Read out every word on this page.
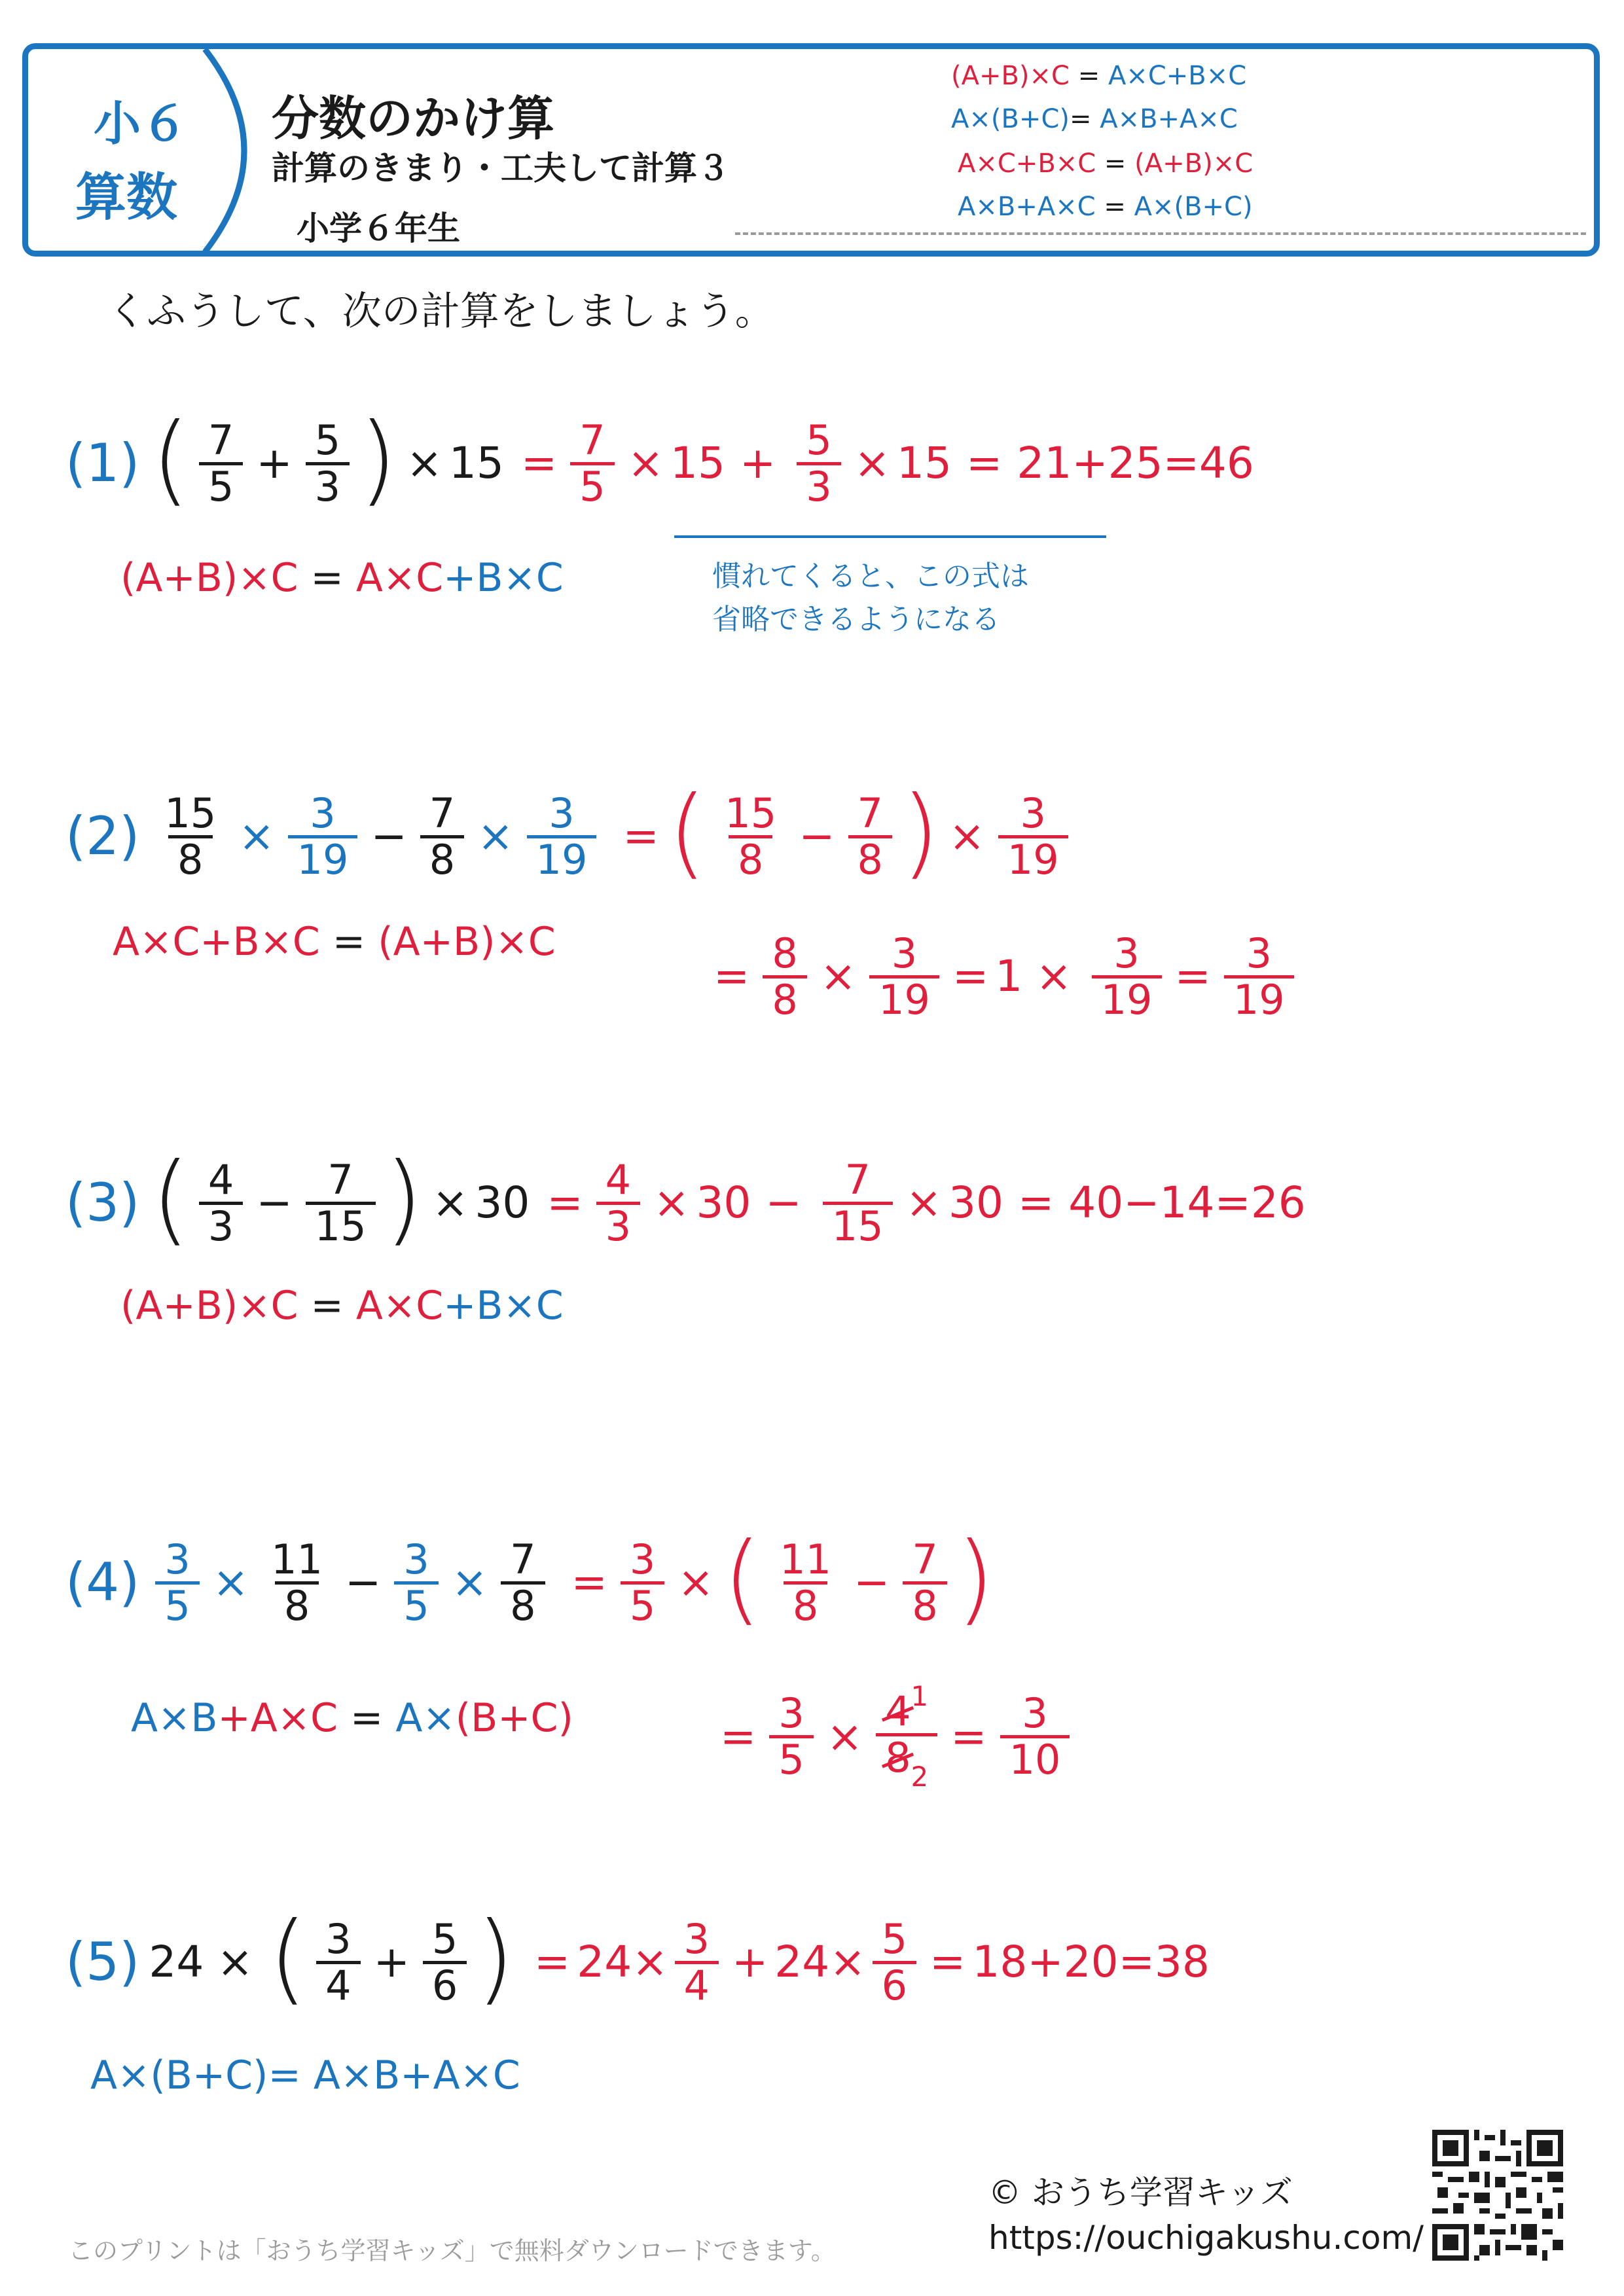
小６
算数
分数のかけ算
計算のきまり・工夫して計算３
小学６年生
(A+B)×C = A×C+B×C
A×(B+C)= A×B+A×C
A×C+B×C = (A+B)×C
A×B+A×C = A×(B+C)
くふうして、次の計算をしましょう。
(1) ( $\frac{7}{5} + \frac{5}{3}$ ) × $15 = \frac{7}{5} \times 15 + \frac{5}{3} \times 15 = 21+25=46$
(A+B)×C = A×C+B×C	慣れてくると、この式は
省略できるようになる
$(2) \frac{15}{8} \times \frac{3}{19} - \frac{7}{8} \times \frac{3}{19}$ = ( $\frac{15}{8} - \frac{7}{8}$ ) × $\frac{3}{19}$
A×C+B×C = (A+B)×C
= $\frac{8}{8} \times \frac{3}{19} = 1 \times \frac{3}{19} = \frac{3}{19}$
(3) ( $\frac{4}{3} - \frac{7}{15}$ ) × $30 = \frac{4}{3} \times 30 - \frac{7}{15} \times 30 = 40-14=26$
(A+B)×C = A×C+B×C
$(4) \frac{3}{5} \times \frac{11}{8} - \frac{3}{5} \times \frac{7}{8} = \frac{3}{5}$ × ( $\frac{11}{8} - \frac{7}{8}$ )
A×B+A×C = A×(B+C)	= $\frac{3}{5} \times \frac{4^1}{8_2} = \frac{3}{10}$
(5) 24 × ( $\frac{3}{4} + \frac{5}{6}$ ) = $24\times \frac{3}{4} + 24\times \frac{5}{6} = 18+20=38$
A×(B+C)= A×B+A×C
© おうち学習キッズ
https://ouchigakushu.com/
このプリントは「おうち学習キッズ」で無料ダウンロードできます。
